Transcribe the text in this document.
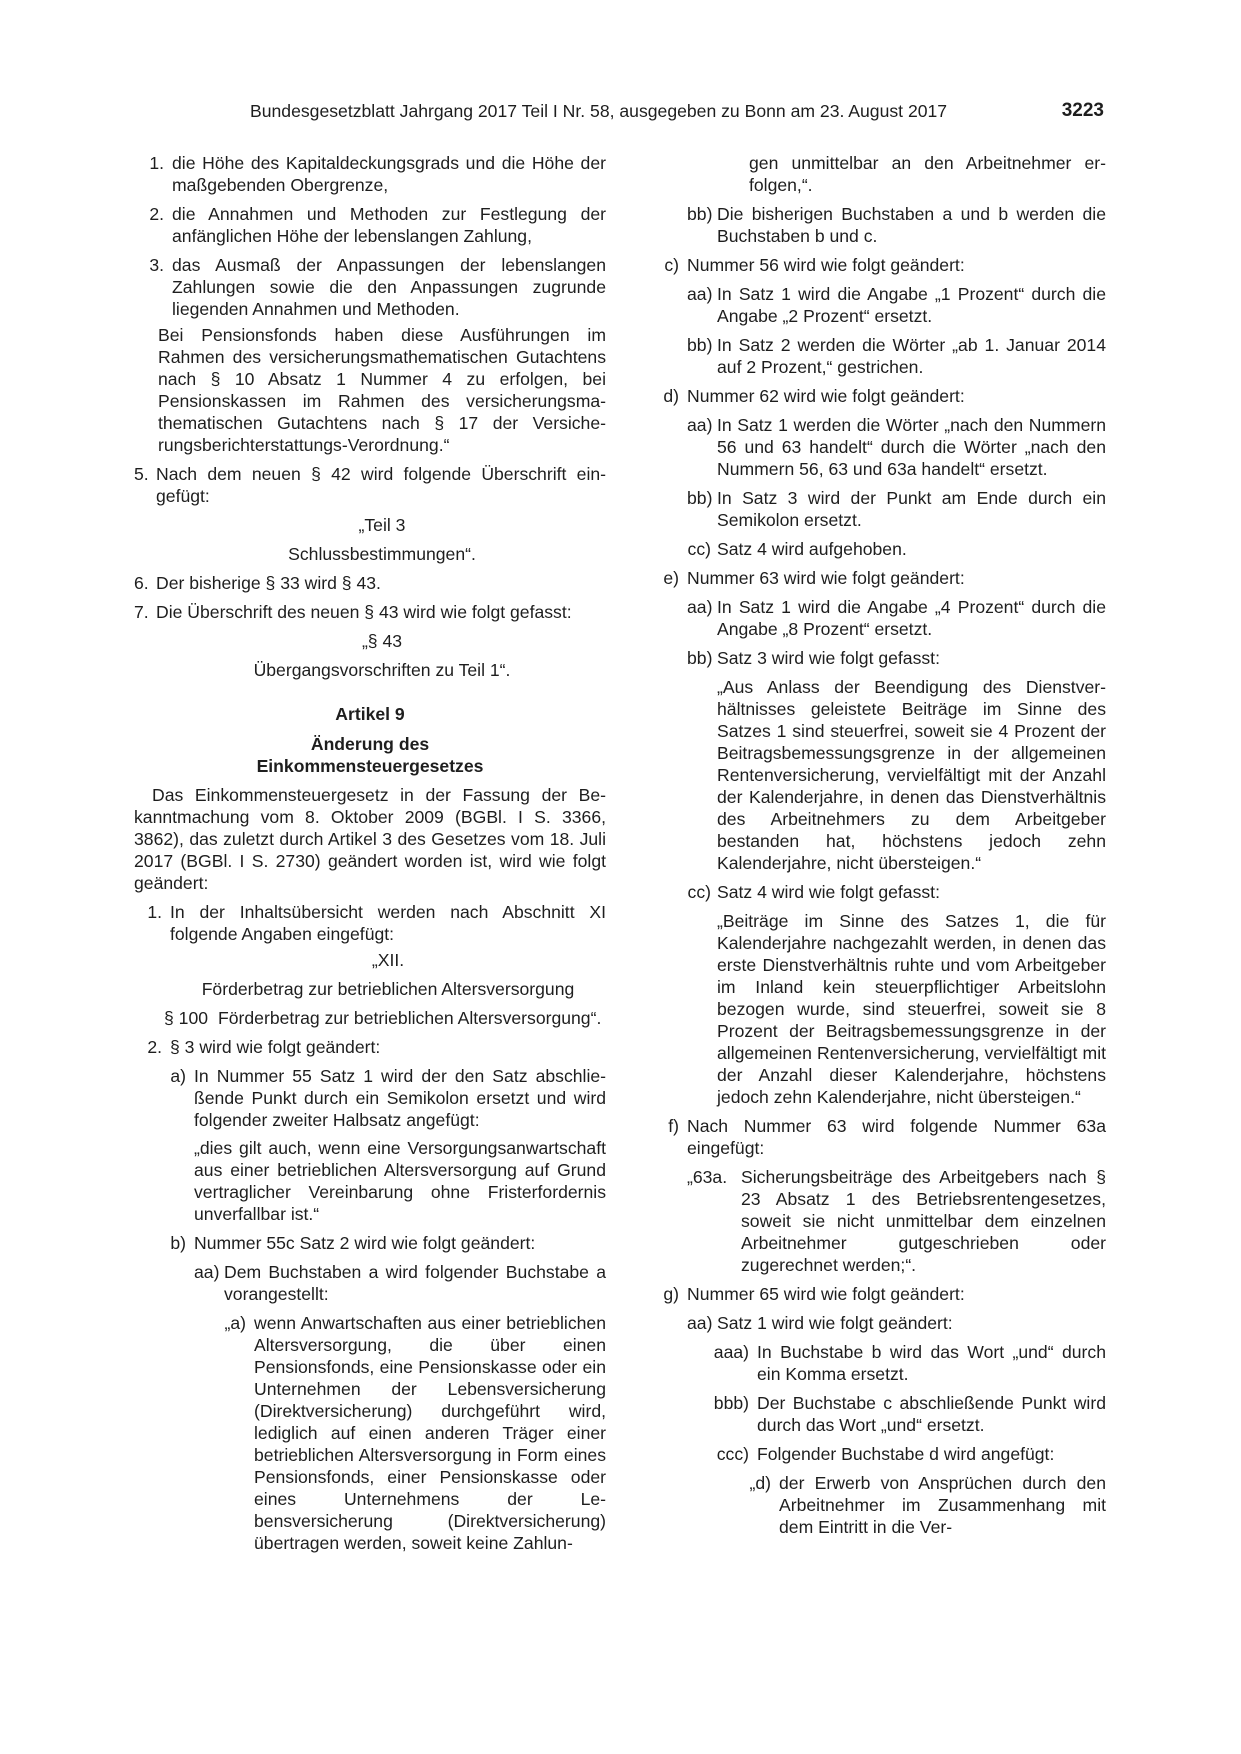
Bundesgesetzblatt Jahrgang 2017 Teil I Nr. 58, ausgegeben zu Bonn am 23. August 2017	3223
1. die Höhe des Kapitaldeckungsgrads und die Höhe der maßgebenden Obergrenze,
2. die Annahmen und Methoden zur Festlegung der anfänglichen Höhe der lebenslangen Zahlung,
3. das Ausmaß der Anpassungen der lebenslangen Zahlungen sowie die den Anpassungen zugrunde liegenden Annahmen und Methoden.

Bei Pensionsfonds haben diese Ausführungen im Rahmen des versicherungsmathematischen Gutachtens nach § 10 Absatz 1 Nummer 4 zu erfolgen, bei Pensionskassen im Rahmen des versicherungsmathematischen Gutachtens nach § 17 der Versicherungsberichterstattungs-Verordnung.“

5. Nach dem neuen § 42 wird folgende Überschrift eingefügt:

„Teil 3

Schlussbestimmungen“.

6. Der bisherige § 33 wird § 43.
7. Die Überschrift des neuen § 43 wird wie folgt gefasst:

„§ 43

Übergangsvorschriften zu Teil 1“.

Artikel 9

Änderung des

Einkommensteuergesetzes

Das Einkommensteuergesetz in der Fassung der Bekanntmachung vom 8. Oktober 2009 (BGBl. I S. 3366, 3862), das zuletzt durch Artikel 3 des Gesetzes vom 18. Juli 2017 (BGBl. I S. 2730) geändert worden ist, wird wie folgt geändert:

1. In der Inhaltsübersicht werden nach Abschnitt XI folgende Angaben eingefügt:

„XII.

Förderbetrag zur betrieblichen Altersversorgung

§ 100 Förderbetrag zur betrieblichen Altersversorgung“.
2. § 3 wird wie folgt geändert:
a) In Nummer 55 Satz 1 wird der den Satz abschließende Punkt durch ein Semikolon ersetzt und wird folgender zweiter Halbsatz angefügt:

„dies gilt auch, wenn eine Versorgungsanwartschaft aus einer betrieblichen Altersversorgung auf Grund vertraglicher Vereinbarung ohne Fristerfordernis unverfallbar ist.“

b) Nummer 55c Satz 2 wird wie folgt geändert:
aa) Dem Buchstaben a wird folgender Buchstabe a vorangestellt:
„a) wenn Anwartschaften aus einer betrieblichen Altersversorgung, die über einen Pensionsfonds, eine Pensionskasse oder ein Unternehmen der Lebensversicherung (Direktversicherung) durchgeführt wird, lediglich auf einen anderen Träger einer betrieblichen Altersversorgung in Form eines Pensionsfonds, einer Pensionskasse oder eines Unternehmens der Lebensversicherung (Direktversicherung) übertragen werden, soweit keine Zahlun-

gen unmittelbar an den Arbeitnehmer erfolgen,“.

bb) Die bisherigen Buchstaben a und b werden die Buchstaben b und c.
c) Nummer 56 wird wie folgt geändert:
aa) In Satz 1 wird die Angabe „1 Prozent“ durch die Angabe „2 Prozent“ ersetzt.
bb) In Satz 2 werden die Wörter „ab 1. Januar 2014 auf 2 Prozent,“ gestrichen.
d) Nummer 62 wird wie folgt geändert:
aa) In Satz 1 werden die Wörter „nach den Nummern 56 und 63 handelt“ durch die Wörter „nach den Nummern 56, 63 und 63a handelt“ ersetzt.
bb) In Satz 3 wird der Punkt am Ende durch ein Semikolon ersetzt.
cc) Satz 4 wird aufgehoben.
e) Nummer 63 wird wie folgt geändert:
aa) In Satz 1 wird die Angabe „4 Prozent“ durch die Angabe „8 Prozent“ ersetzt.
bb) Satz 3 wird wie folgt gefasst:

„Aus Anlass der Beendigung des Dienstverhältnisses geleistete Beiträge im Sinne des Satzes 1 sind steuerfrei, soweit sie 4 Prozent der Beitragsbemessungsgrenze in der allgemeinen Rentenversicherung, vervielfältigt mit der Anzahl der Kalenderjahre, in denen das Dienstverhältnis des Arbeitnehmers zu dem Arbeitgeber bestanden hat, höchstens jedoch zehn Kalenderjahre, nicht übersteigen.“

cc) Satz 4 wird wie folgt gefasst:

„Beiträge im Sinne des Satzes 1, die für Kalenderjahre nachgezahlt werden, in denen das erste Dienstverhältnis ruhte und vom Arbeitgeber im Inland kein steuerpflichtiger Arbeitslohn bezogen wurde, sind steuerfrei, soweit sie 8 Prozent der Beitragsbemessungsgrenze in der allgemeinen Rentenversicherung, vervielfältigt mit der Anzahl dieser Kalenderjahre, höchstens jedoch zehn Kalenderjahre, nicht übersteigen.“

f) Nach Nummer 63 wird folgende Nummer 63a eingefügt:
„63a. Sicherungsbeiträge des Arbeitgebers nach § 23 Absatz 1 des Betriebsrentengesetzes, soweit sie nicht unmittelbar dem einzelnen Arbeitnehmer gutgeschrieben oder zugerechnet werden;“.
g) Nummer 65 wird wie folgt geändert:
aa) Satz 1 wird wie folgt geändert:
aaa) In Buchstabe b wird das Wort „und“ durch ein Komma ersetzt.
bbb) Der Buchstabe c abschließende Punkt wird durch das Wort „und“ ersetzt.
ccc) Folgender Buchstabe d wird angefügt:
„d) der Erwerb von Ansprüchen durch den Arbeitnehmer im Zusammenhang mit dem Eintritt in die Ver-
